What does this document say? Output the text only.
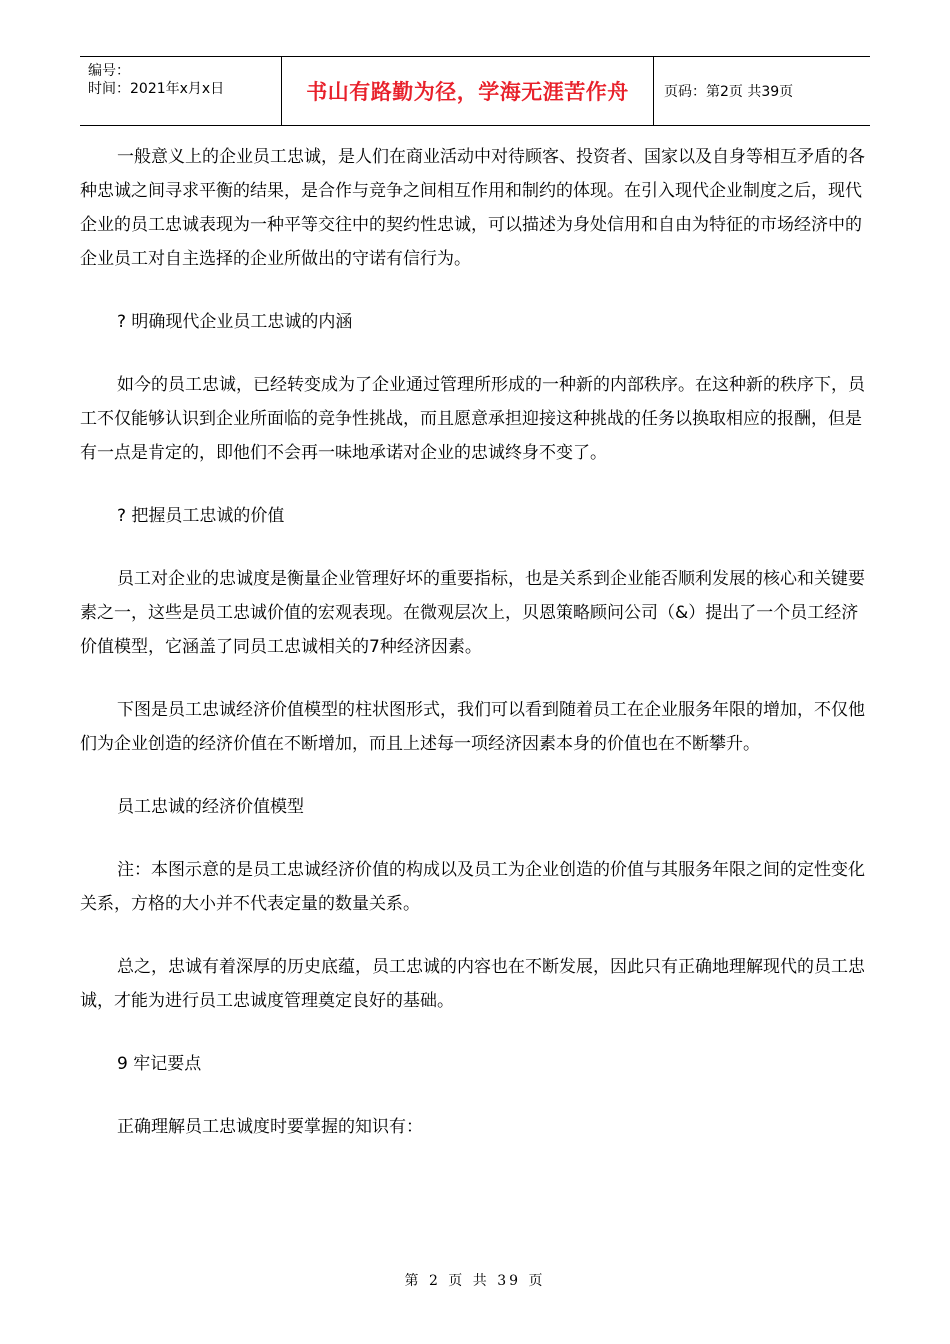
编号：
时间：2021年x月x日	书山有路勤为径，学海无涯苦作舟	页码：第2页 共39页

一般意义上的企业员工忠诚，是人们在商业活动中对待顾客、投资者、国家以及自身等相互矛盾的各种忠诚之间寻求平衡的结果，是合作与竞争之间相互作用和制约的体现。在引入现代企业制度之后，现代企业的员工忠诚表现为一种平等交往中的契约性忠诚，可以描述为身处信用和自由为特征的市场经济中的企业员工对自主选择的企业所做出的守诺有信行为。

? 明确现代企业员工忠诚的内涵

如今的员工忠诚，已经转变成为了企业通过管理所形成的一种新的内部秩序。在这种新的秩序下，员工不仅能够认识到企业所面临的竞争性挑战，而且愿意承担迎接这种挑战的任务以换取相应的报酬，但是有一点是肯定的，即他们不会再一味地承诺对企业的忠诚终身不变了。

? 把握员工忠诚的价值

员工对企业的忠诚度是衡量企业管理好坏的重要指标，也是关系到企业能否顺利发展的核心和关键要素之一，这些是员工忠诚价值的宏观表现。在微观层次上，贝恩策略顾问公司（&）提出了一个员工经济价值模型，它涵盖了同员工忠诚相关的7种经济因素。

下图是员工忠诚经济价值模型的柱状图形式，我们可以看到随着员工在企业服务年限的增加，不仅他们为企业创造的经济价值在不断增加，而且上述每一项经济因素本身的价值也在不断攀升。

员工忠诚的经济价值模型

注：本图示意的是员工忠诚经济价值的构成以及员工为企业创造的价值与其服务年限之间的定性变化关系，方格的大小并不代表定量的数量关系。

总之，忠诚有着深厚的历史底蕴，员工忠诚的内容也在不断发展，因此只有正确地理解现代的员工忠诚，才能为进行员工忠诚度管理奠定良好的基础。

9 牢记要点

正确理解员工忠诚度时要掌握的知识有：

第 2 页 共 39 页
